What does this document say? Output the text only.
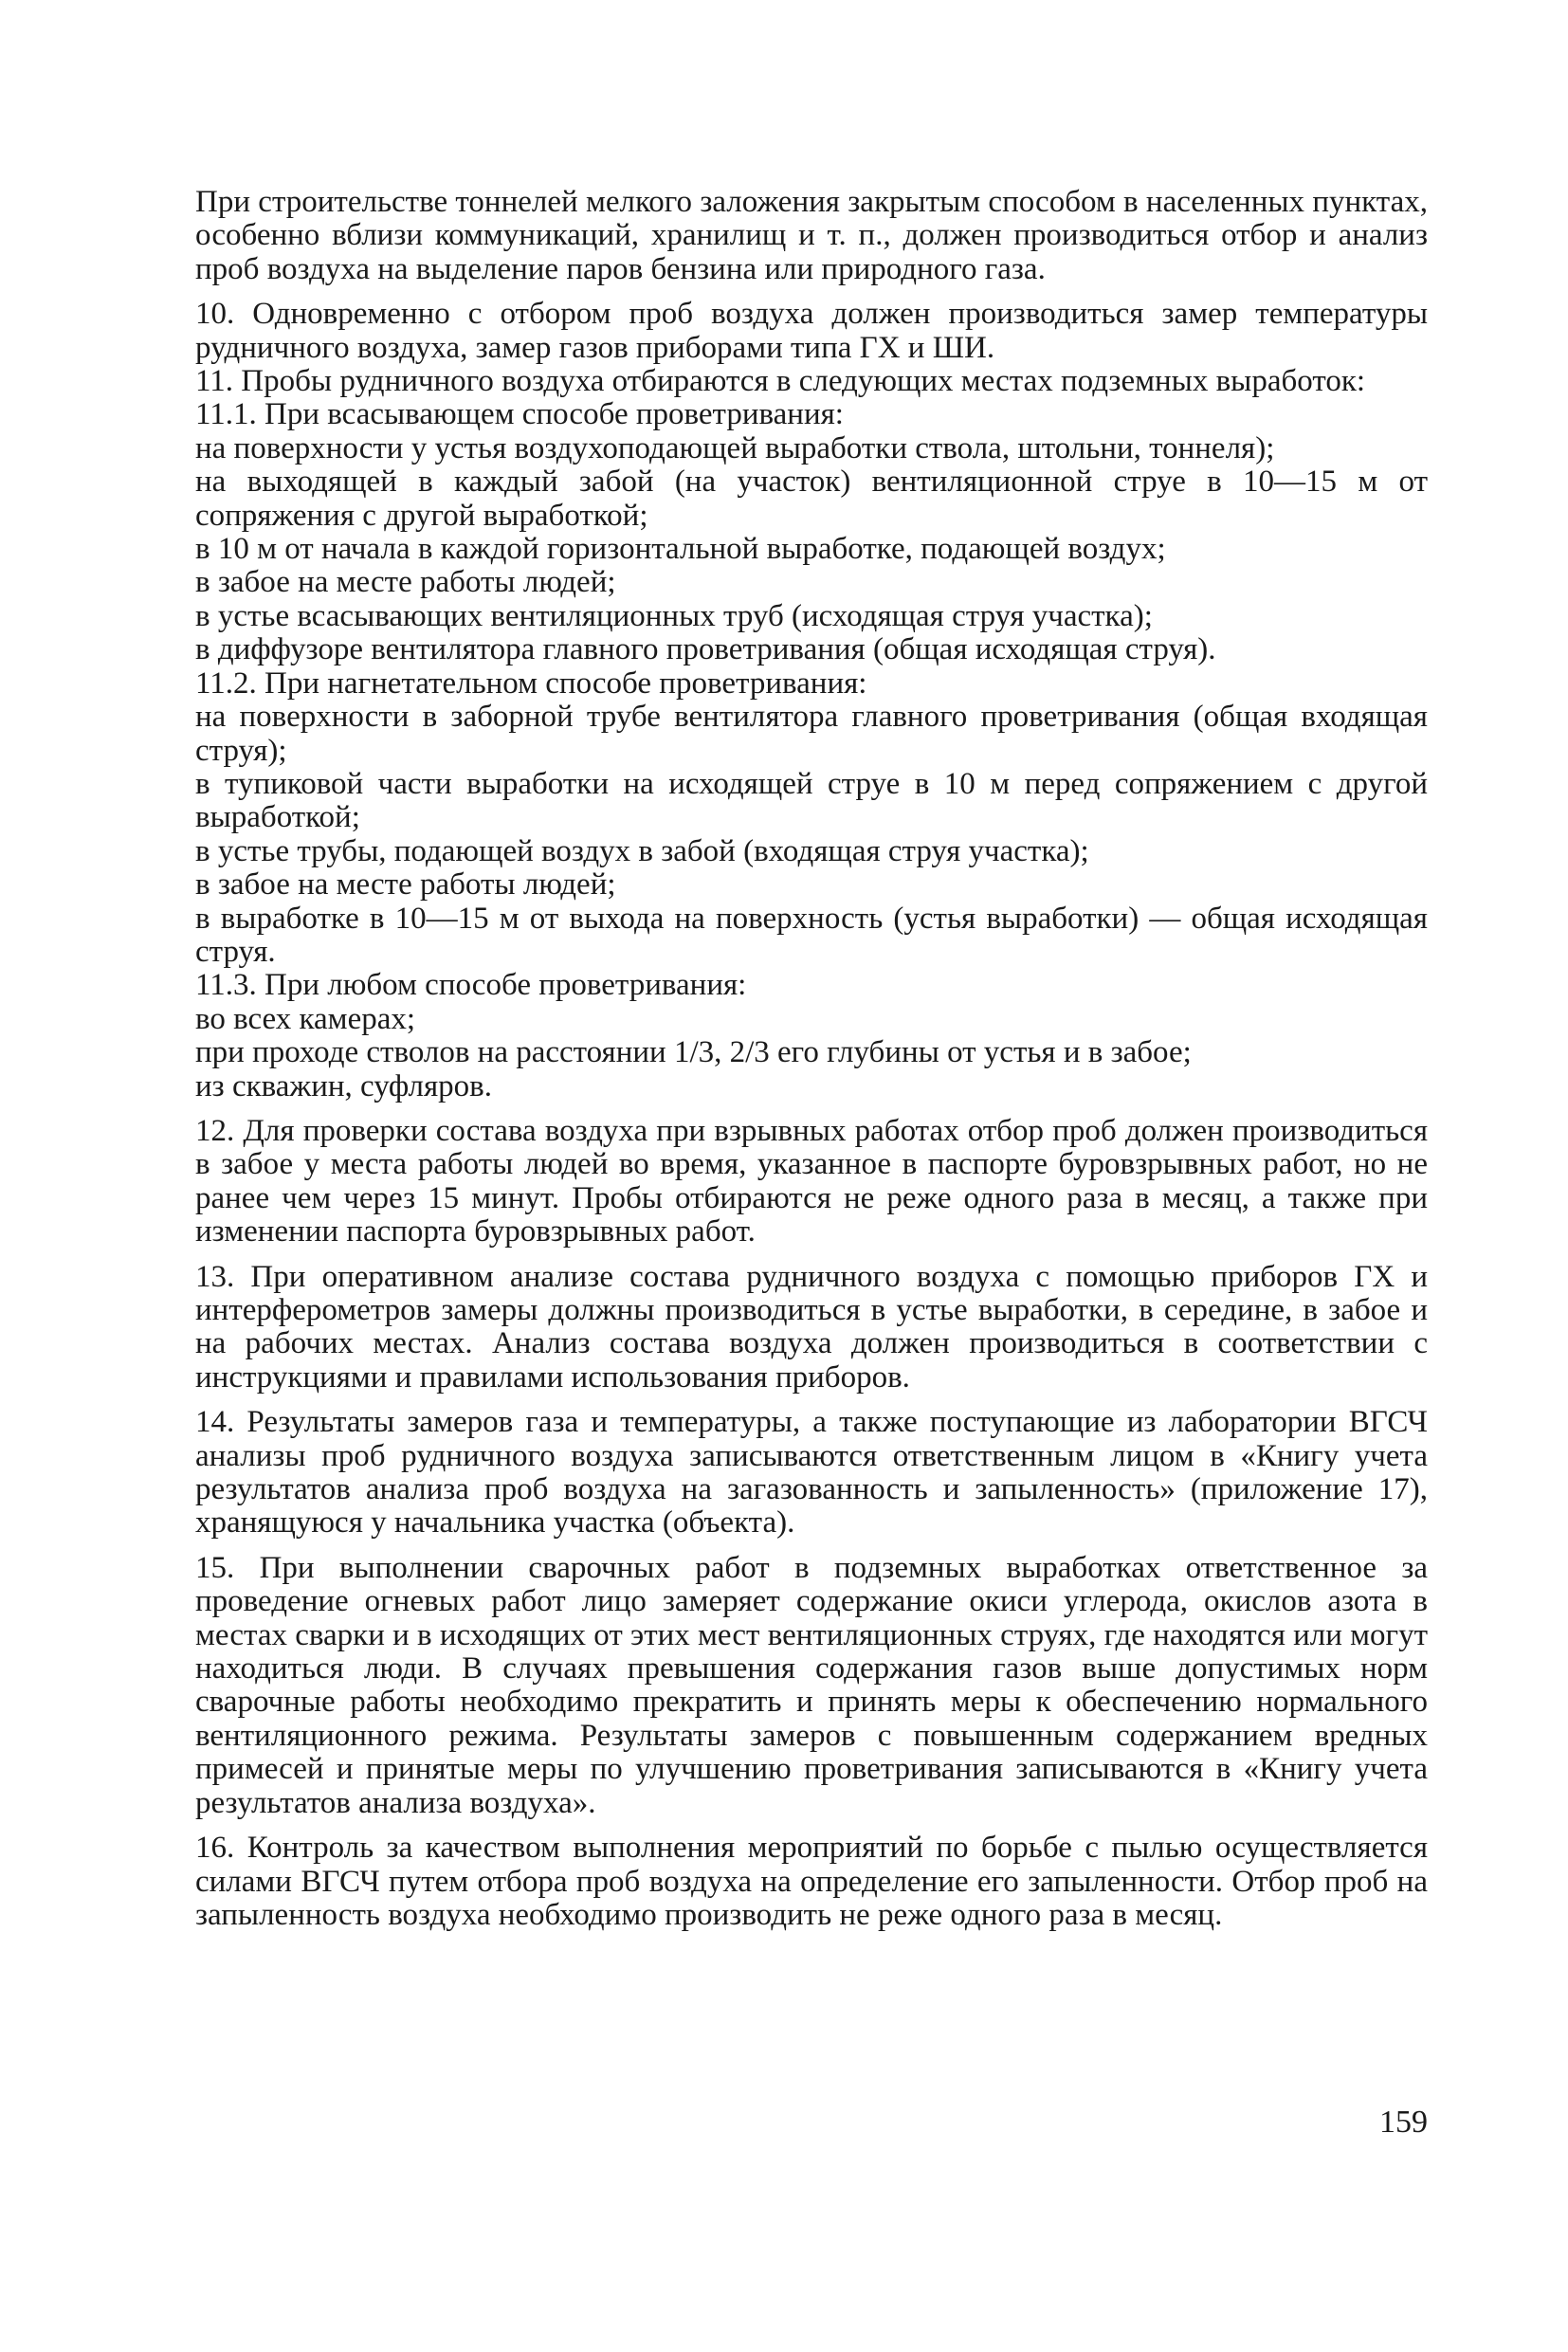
При строительстве тоннелей мелкого заложения закрытым способом в населенных пунктах, особенно вблизи коммуникаций, хранилищ и т. п., должен производиться отбор и анализ проб воздуха на выделение паров бензина или природного газа.

10. Одновременно с отбором проб воздуха должен производиться замер температуры рудничного воздуха, замер газов приборами типа ГХ и ШИ.

11. Пробы рудничного воздуха отбираются в следующих местах подземных выработок:

11.1. При всасывающем способе проветривания:

на поверхности у устья воздухоподающей выработки ствола, штольни, тоннеля);

на выходящей в каждый забой (на участок) вентиляционной струе в 10—15 м от сопряжения с другой выработкой;

в 10 м от начала в каждой горизонтальной выработке, подающей воздух;

в забое на месте работы людей;

в устье всасывающих вентиляционных труб (исходящая струя участка);

в диффузоре вентилятора главного проветривания (общая исходящая струя).

11.2. При нагнетательном способе проветривания:

на поверхности в заборной трубе вентилятора главного проветривания (общая входящая струя);

в тупиковой части выработки на исходящей струе в 10 м перед сопряжением с другой выработкой;

в устье трубы, подающей воздух в забой (входящая струя участка);

в забое на месте работы людей;

в выработке в 10—15 м от выхода на поверхность (устья выработки) — общая исходящая струя.

11.3. При любом способе проветривания:

во всех камерах;

при проходе стволов на расстоянии 1/3, 2/3 его глубины от устья и в забое;

из скважин, суфляров.

12. Для проверки состава воздуха при взрывных работах отбор проб должен производиться в забое у места работы людей во время, указанное в паспорте буровзрывных работ, но не ранее чем через 15 минут. Пробы отбираются не реже одного раза в месяц, а также при изменении паспорта буровзрывных работ.

13. При оперативном анализе состава рудничного воздуха с помощью приборов ГХ и интерферометров замеры должны производиться в устье выработки, в середине, в забое и на рабочих местах. Анализ состава воздуха должен производиться в соответствии с инструкциями и правилами использования приборов.

14. Результаты замеров газа и температуры, а также поступающие из лаборатории ВГСЧ анализы проб рудничного воздуха записываются ответственным лицом в «Книгу учета результатов анализа проб воздуха на загазованность и запыленность» (приложение 17), хранящуюся у начальника участка (объекта).

15. При выполнении сварочных работ в подземных выработках ответственное за проведение огневых работ лицо замеряет содержание окиси углерода, окислов азота в местах сварки и в исходящих от этих мест вентиляционных струях, где находятся или могут находиться люди. В случаях превышения содержания газов выше допустимых норм сварочные работы необходимо прекратить и принять меры к обеспечению нормального вентиляционного режима. Результаты замеров с повышенным содержанием вредных примесей и принятые меры по улучшению проветривания записываются в «Книгу учета результатов анализа воздуха».

16. Контроль за качеством выполнения мероприятий по борьбе с пылью осуществляется силами ВГСЧ путем отбора проб воздуха на определение его запыленности. Отбор проб на запыленность воздуха необходимо производить не реже одного раза в месяц.

159
